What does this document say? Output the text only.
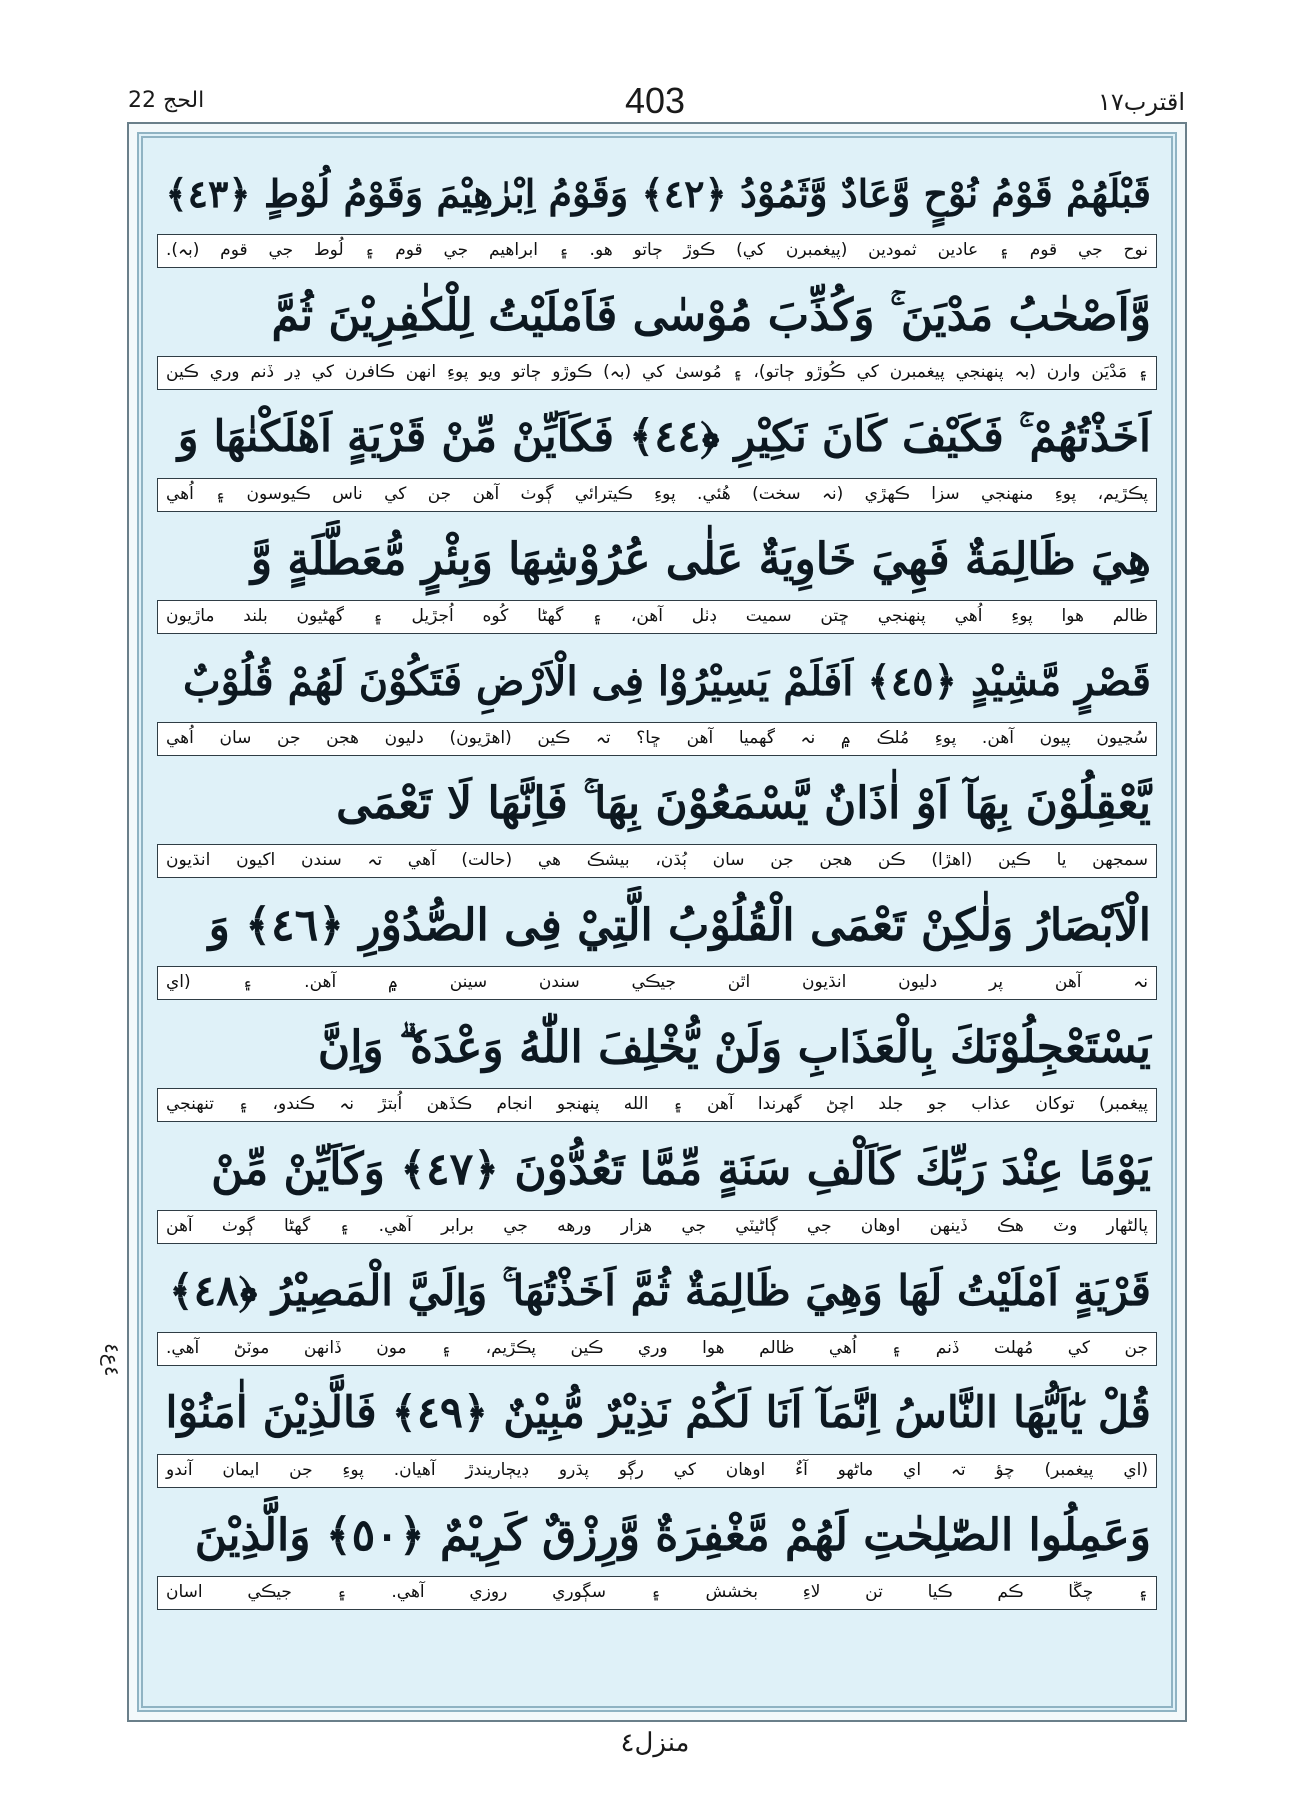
403
الحج 22	اقترب١٧
٤ع٤
قَبْلَهُمْ قَوْمُ نُوْحٍ وَّعَادٌ وَّثَمُوْدُ ﴿٤٢﴾ وَقَوْمُ اِبْرٰهِيْمَ وَقَوْمُ لُوْطٍ ﴿٤٣﴾
نوح جي قوم ۽ عادين ثمودين (پيغمبرن کي) ڪوڙ ڄاتو هو. ۽ ابراهيم جي قوم ۽ لُوط جي قوم (بہ).
وَّاَصْحٰبُ مَدْيَنَ ۚ وَكُذِّبَ مُوْسٰى فَاَمْلَيْتُ لِلْكٰفِرِيْنَ ثُمَّ
۽ مَدْيَن وارن (بہ پنهنجي پيغمبرن کي ڪُوڙو ڄاتو)، ۽ مُوسىٰ کي (بہ) ڪوڙو ڄاتو ويو پوءِ انهن ڪافرن کي ڍر ڏنم وري ڪين
اَخَذْتُهُمْ ۚ فَكَيْفَ كَانَ نَكِيْرِ ﴿٤٤﴾ فَكَاَيِّنْ مِّنْ قَرْيَةٍ اَهْلَكْنٰهَا وَ
پڪڙيم، پوءِ منهنجي سزا ڪهڙي (نہ سخت) هُئي. پوءِ ڪيترائي ڳوٺ آهن جن کي ناس ڪيوسون ۽ اُهي
هِيَ ظَالِمَةٌ فَهِيَ خَاوِيَةٌ عَلٰى عُرُوْشِهَا وَبِئْرٍ مُّعَطَّلَةٍ وَّ
ظالم هوا پوءِ اُهي پنهنجي ڇتن سميت ڊٺل آهن، ۽ گهڻا کُوه اُجڙيل ۽ گهڻيون بلند ماڙيون
قَصْرٍ مَّشِيْدٍ ﴿٤٥﴾ اَفَلَمْ يَسِيْرُوْا فِى الْاَرْضِ فَتَكُوْنَ لَهُمْ قُلُوْبٌ
سُڃيون پيون آهن. پوءِ مُلڪ ۾ نہ گهميا آهن ڇا؟ تہ ڪين (اهڙيون) دليون هجن جن سان اُهي
يَّعْقِلُوْنَ بِهَآ اَوْ اٰذَانٌ يَّسْمَعُوْنَ بِهَا ۚ فَاِنَّهَا لَا تَعْمَى
سمجهن يا ڪين (اهڙا) ڪن هجن جن سان ٻُڌن، بيشڪ هي (حالت) آهي تہ سندن اکيون انڌيون
الْاَبْصَارُ وَلٰكِنْ تَعْمَى الْقُلُوْبُ الَّتِيْ فِى الصُّدُوْرِ ﴿٤٦﴾ وَ
نہ آهن پر دليون انڌيون اٿن جيڪي سندن سينن ۾ آهن. ۽ (اي
يَسْتَعْجِلُوْنَكَ بِالْعَذَابِ وَلَنْ يُّخْلِفَ اللّٰهُ وَعْدَهٗ ۗ وَاِنَّ
پيغمبر) توکان عذاب جو جلد اچڻ گهرندا آهن ۽ الله پنهنجو انجام ڪڏهن اُبتڙ نہ ڪندو، ۽ تنهنجي
يَوْمًا عِنْدَ رَبِّكَ كَاَلْفِ سَنَةٍ مِّمَّا تَعُدُّوْنَ ﴿٤٧﴾ وَكَاَيِّنْ مِّنْ
پالڻهار وٽ هڪ ڏينهن اوهان جي ڳاڻيٽي جي هزار ورهه جي برابر آهي. ۽ گهڻا ڳوٺ آهن
قَرْيَةٍ اَمْلَيْتُ لَهَا وَهِيَ ظَالِمَةٌ ثُمَّ اَخَذْتُهَا ۚ وَاِلَيَّ الْمَصِيْرُ ﴿٤٨﴾
جن کي مُهلت ڏنم ۽ اُهي ظالم هوا وري ڪين پڪڙيم، ۽ مون ڏانهن موٽڻ آهي.
قُلْ يٰٓاَيُّهَا النَّاسُ اِنَّمَآ اَنَا لَكُمْ نَذِيْرٌ مُّبِيْنٌ ﴿٤٩﴾ فَالَّذِيْنَ اٰمَنُوْا
(اي پيغمبر) چؤ تہ اي ماڻهو آءٌ اوهان کي رڳو پڌرو ڊيڄاريندڙ آهيان. پوءِ جن ايمان آندو
وَعَمِلُوا الصّٰلِحٰتِ لَهُمْ مَّغْفِرَةٌ وَّرِزْقٌ كَرِيْمٌ ﴿٥٠﴾ وَالَّذِيْنَ
۽ چڱا ڪم ڪيا تن لاءِ بخشش ۽ سڳوري روزي آهي. ۽ جيڪي اسان
منزل٤
